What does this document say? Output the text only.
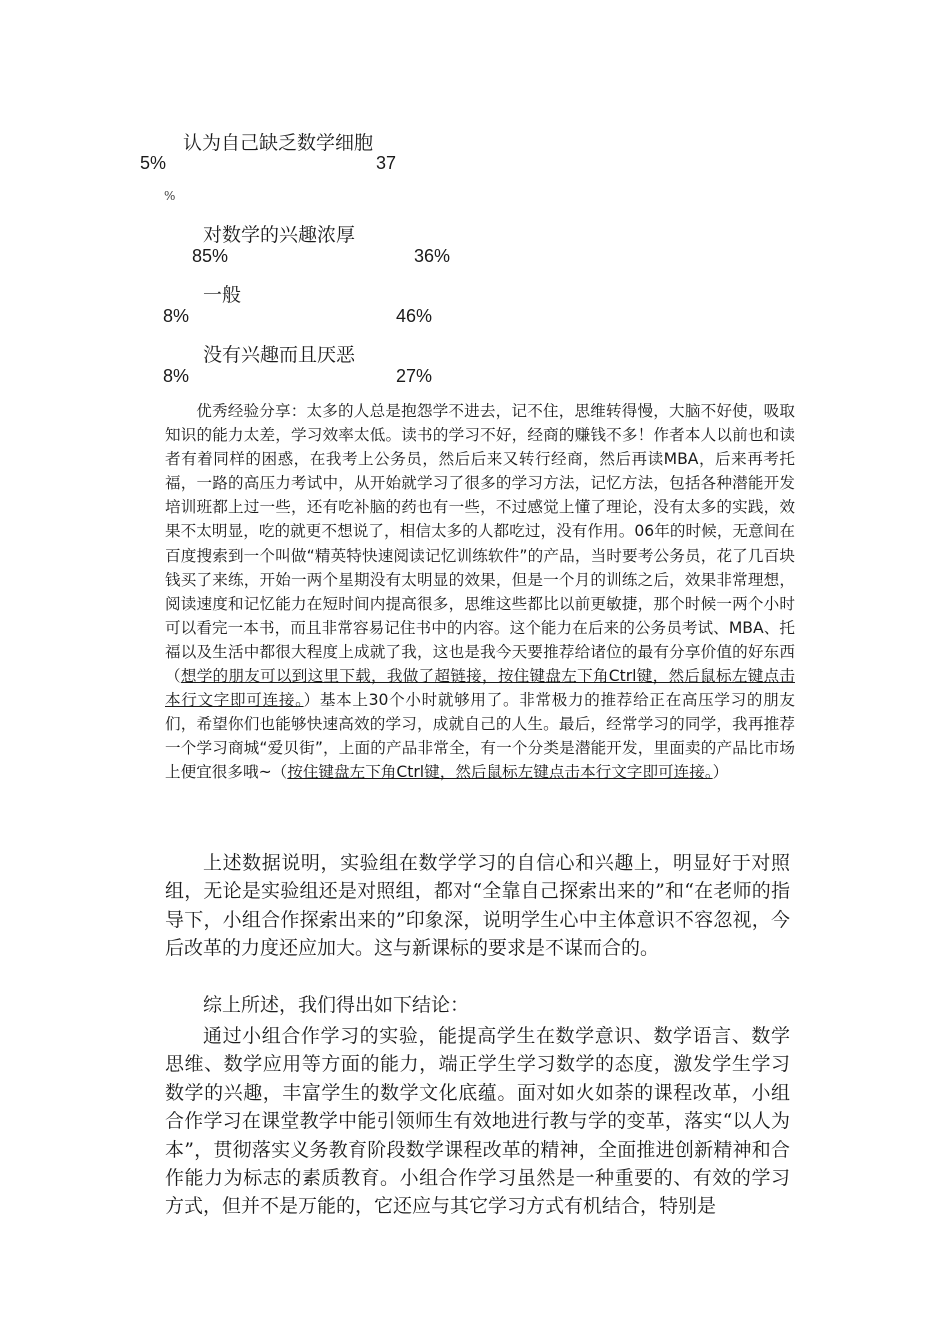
认为自己缺乏数学细胞
5%	37
%
对数学的兴趣浓厚
85%	36%
一般
8%	46%
没有兴趣而且厌恶
8%	27%

优秀经验分享：太多的人总是抱怨学不进去，记不住，思维转得慢，大脑不好使，吸取知识的能力太差，学习效率太低。读书的学习不好，经商的赚钱不多！作者本人以前也和读者有着同样的困惑，在我考上公务员，然后后来又转行经商，然后再读MBA，后来再考托福，一路的高压力考试中，从开始就学习了很多的学习方法，记忆方法，包括各种潜能开发培训班都上过一些，还有吃补脑的药也有一些，不过感觉上懂了理论，没有太多的实践，效果不太明显，吃的就更不想说了，相信太多的人都吃过，没有作用。06年的时候，无意间在百度搜索到一个叫做“精英特快速阅读记忆训练软件”的产品，当时要考公务员，花了几百块钱买了来练，开始一两个星期没有太明显的效果，但是一个月的训练之后，效果非常理想，阅读速度和记忆能力在短时间内提高很多，思维这些都比以前更敏捷，那个时候一两个小时可以看完一本书，而且非常容易记住书中的内容。这个能力在后来的公务员考试、MBA、托福以及生活中都很大程度上成就了我，这也是我今天要推荐给诸位的最有分享价值的好东西（想学的朋友可以到这里下载，我做了超链接，按住键盘左下角Ctrl键，然后鼠标左键点击本行文字即可连接。）基本上30个小时就够用了。非常极力的推荐给正在高压学习的朋友们，希望你们也能够快速高效的学习，成就自己的人生。最后，经常学习的同学，我再推荐一个学习商城“爱贝街”，上面的产品非常全，有一个分类是潜能开发，里面卖的产品比市场上便宜很多哦~（按住键盘左下角Ctrl键，然后鼠标左键点击本行文字即可连接。）

上述数据说明，实验组在数学学习的自信心和兴趣上，明显好于对照组，无论是实验组还是对照组，都对“全靠自己探索出来的”和“在老师的指导下，小组合作探索出来的”印象深，说明学生心中主体意识不容忽视，今后改革的力度还应加大。这与新课标的要求是不谋而合的。

综上所述，我们得出如下结论：

通过小组合作学习的实验，能提高学生在数学意识、数学语言、数学思维、数学应用等方面的能力，端正学生学习数学的态度，激发学生学习数学的兴趣，丰富学生的数学文化底蕴。面对如火如荼的课程改革，小组合作学习在课堂教学中能引领师生有效地进行教与学的变革，落实“以人为本”，贯彻落实义务教育阶段数学课程改革的精神，全面推进创新精神和合作能力为标志的素质教育。小组合作学习虽然是一种重要的、有效的学习方式，但并不是万能的，它还应与其它学习方式有机结合，特别是
